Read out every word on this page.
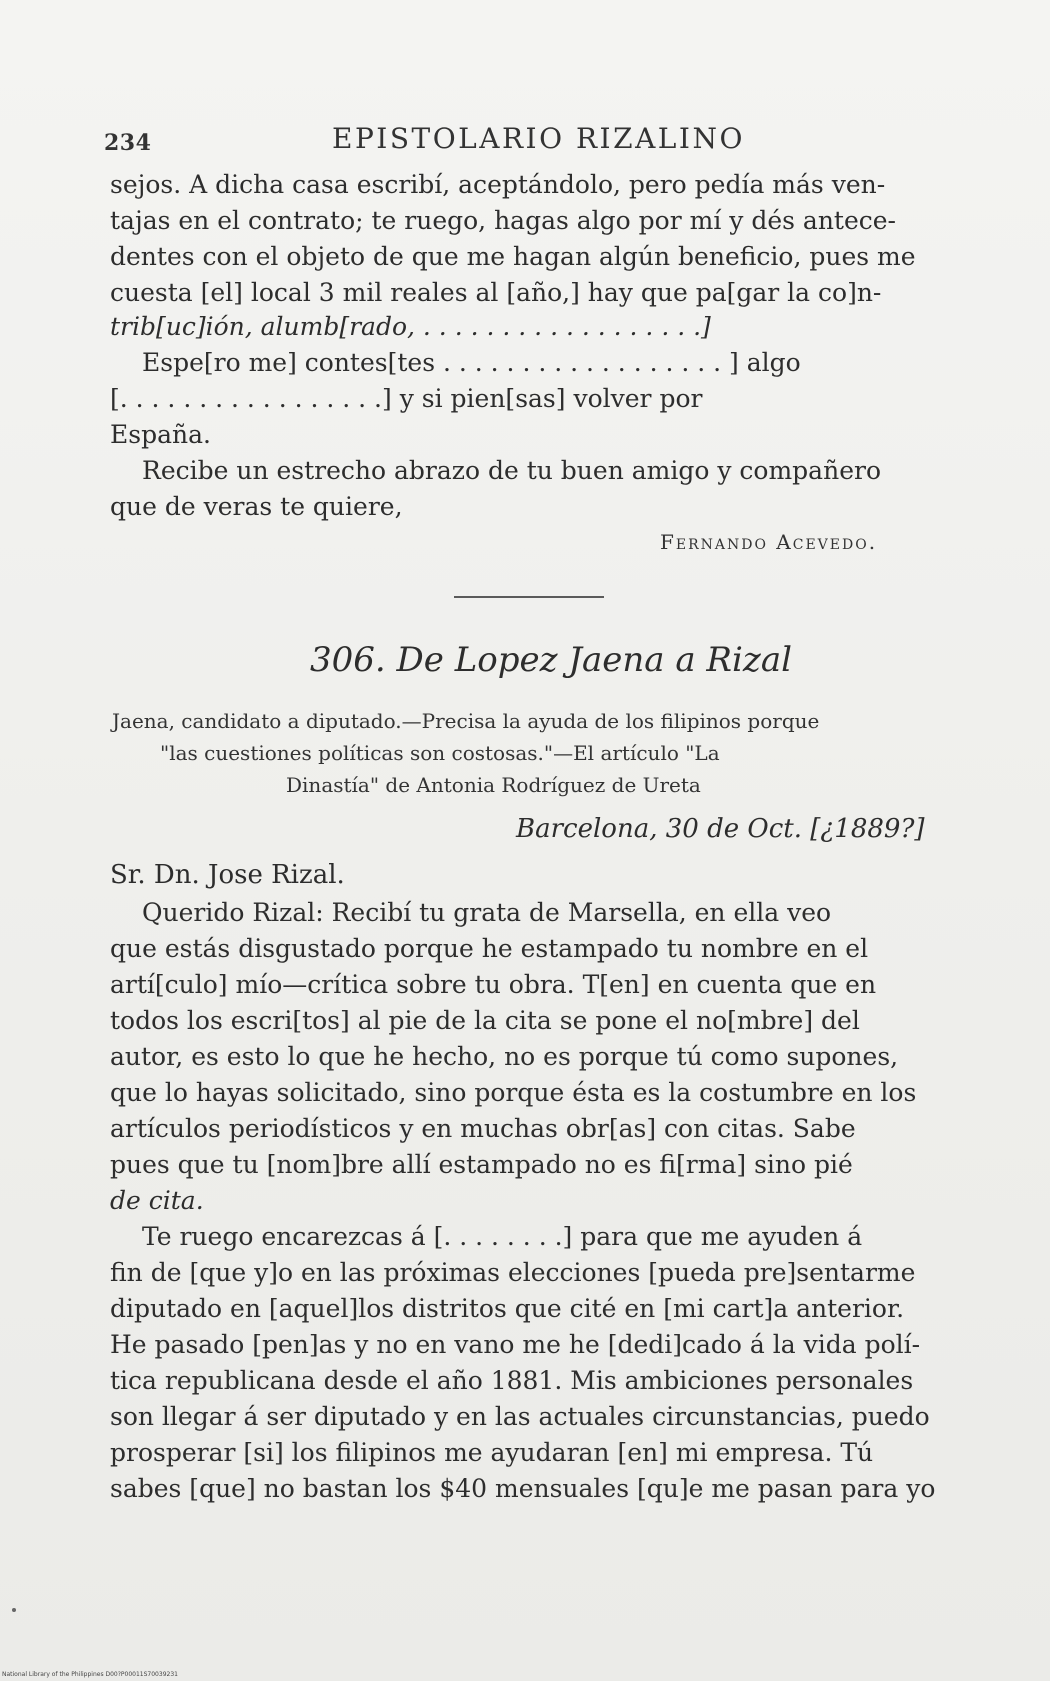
234	EPISTOLARIO RIZALINO
sejos. A dicha casa escribí, aceptándolo, pero pedía más ven-
tajas en el contrato; te ruego, hagas algo por mí y dés antece-
dentes con el objeto de que me hagan algún beneficio, pues me
cuesta [el] local 3 mil reales al [año,] hay que pa[gar la co]n-
trib[uc]ión, alumb[rado, . . . . . . . . . . . . . . . . . .]
Espe[ro me] contes[tes . . . . . . . . . . . . . . . . . . ] algo
[. . . . . . . . . . . . . . . . .] y si pien[sas] volver por
España.
Recibe un estrecho abrazo de tu buen amigo y compañero
que de veras te quiere,
Fernando Acevedo.
306. De Lopez Jaena a Rizal
Jaena, candidato a diputado.—Precisa la ayuda de los filipinos porque
"las cuestiones políticas son costosas."—El artículo "La
Dinastía" de Antonia Rodríguez de Ureta
Barcelona, 30 de Oct. [¿1889?]
Sr. Dn. Jose Rizal.
Querido Rizal: Recibí tu grata de Marsella, en ella veo
que estás disgustado porque he estampado tu nombre en el
artí[culo] mío—crítica sobre tu obra. T[en] en cuenta que en
todos los escri[tos] al pie de la cita se pone el no[mbre] del
autor, es esto lo que he hecho, no es porque tú como supones,
que lo hayas solicitado, sino porque ésta es la costumbre en los
artículos periodísticos y en muchas obr[as] con citas. Sabe
pues que tu [nom]bre allí estampado no es fi[rma] sino pié
de cita.
Te ruego encarezcas á [. . . . . . . .] para que me ayuden á
fin de [que y]o en las próximas elecciones [pueda pre]sentarme
diputado en [aquel]los distritos que cité en [mi cart]a anterior.
He pasado [pen]as y no en vano me he [dedi]cado á la vida polí-
tica republicana desde el año 1881. Mis ambiciones personales
son llegar á ser diputado y en las actuales circunstancias, puedo
prosperar [si] los filipinos me ayudaran [en] mi empresa. Tú
sabes [que] no bastan los $40 mensuales [qu]e me pasan para yo
National Library of the Philippines D00?P00011S70039231
